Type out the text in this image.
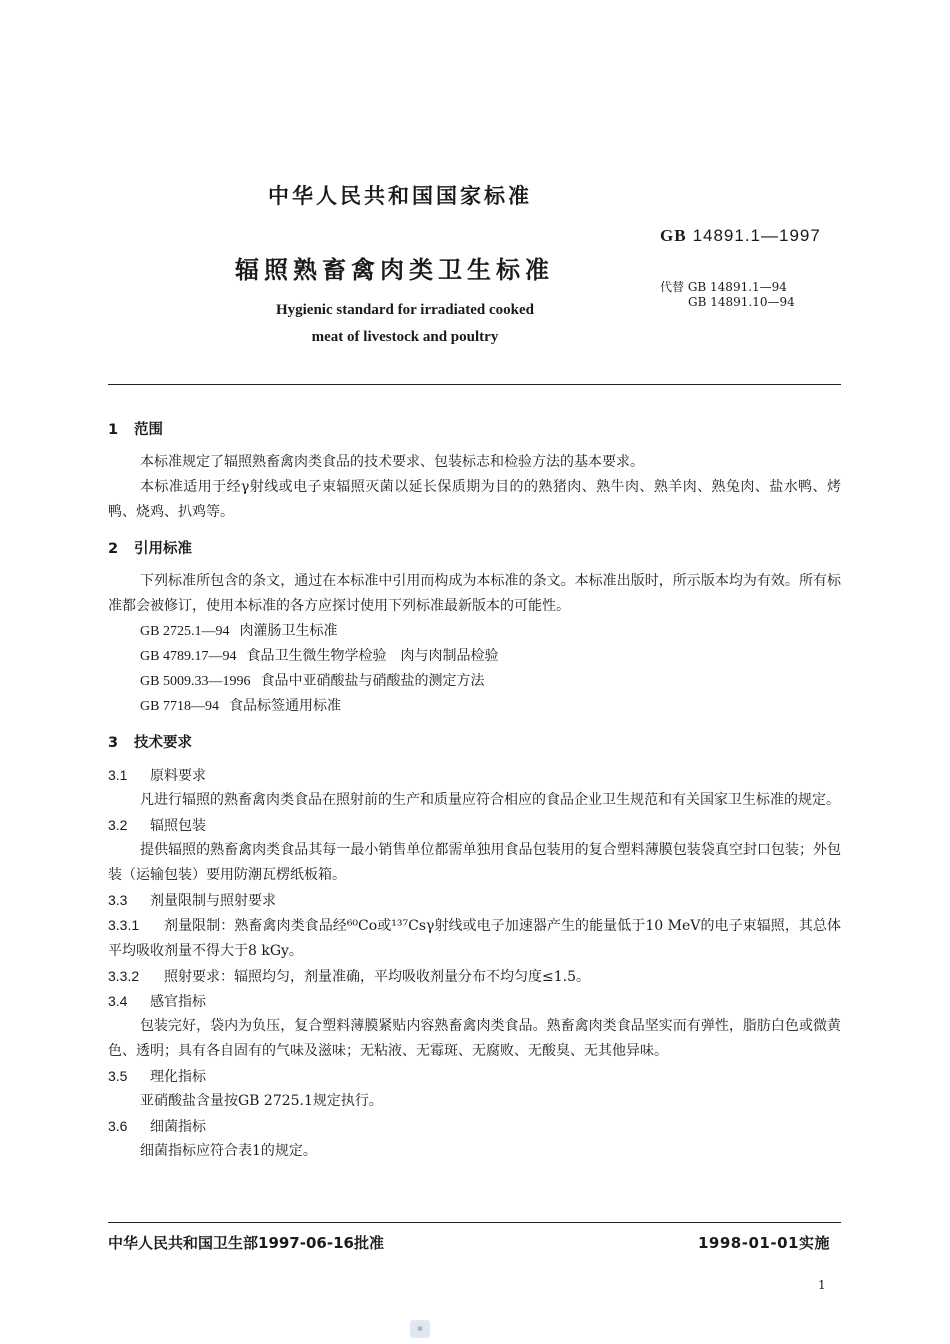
中华人民共和国国家标准
GB 14891.1—1997
辐照熟畜禽肉类卫生标准
代替 GB 14891.1—94
GB 14891.10—94
Hygienic standard for irradiated cooked
meat of livestock and poultry
1 范围

本标准规定了辐照熟畜禽肉类食品的技术要求、包装标志和检验方法的基本要求。

本标准适用于经γ射线或电子束辐照灭菌以延长保质期为目的的熟猪肉、熟牛肉、熟羊肉、熟兔肉、盐水鸭、烤鸭、烧鸡、扒鸡等。

2 引用标准

下列标准所包含的条文，通过在本标准中引用而构成为本标准的条文。本标准出版时，所示版本均为有效。所有标准都会被修订，使用本标准的各方应探讨使用下列标准最新版本的可能性。

GB 2725.1—94 肉灌肠卫生标准

GB 4789.17—94 食品卫生微生物学检验　肉与肉制品检验

GB 5009.33—1996 食品中亚硝酸盐与硝酸盐的测定方法

GB 7718—94 食品标签通用标准

3 技术要求

3.1 原料要求

凡进行辐照的熟畜禽肉类食品在照射前的生产和质量应符合相应的食品企业卫生规范和有关国家卫生标准的规定。

3.2 辐照包装

提供辐照的熟畜禽肉类食品其每一最小销售单位都需单独用食品包装用的复合塑料薄膜包装袋真空封口包装；外包装（运输包装）要用防潮瓦楞纸板箱。

3.3 剂量限制与照射要求

3.3.1 剂量限制：熟畜禽肉类食品经⁶⁰Co或¹³⁷Csγ射线或电子加速器产生的能量低于10 MeV的电子束辐照，其总体平均吸收剂量不得大于8 kGy。

3.3.2 照射要求：辐照均匀，剂量准确，平均吸收剂量分布不均匀度≤1.5。

3.4 感官指标

包装完好，袋内为负压，复合塑料薄膜紧贴内容熟畜禽肉类食品。熟畜禽肉类食品坚实而有弹性，脂肪白色或微黄色、透明；具有各自固有的气味及滋味；无粘液、无霉斑、无腐败、无酸臭、无其他异味。

3.5 理化指标

亚硝酸盐含量按GB 2725.1规定执行。

3.6 细菌指标

细菌指标应符合表1的规定。

中华人民共和国卫生部1997-06-16批准	1998-01-01实施
1
▣
